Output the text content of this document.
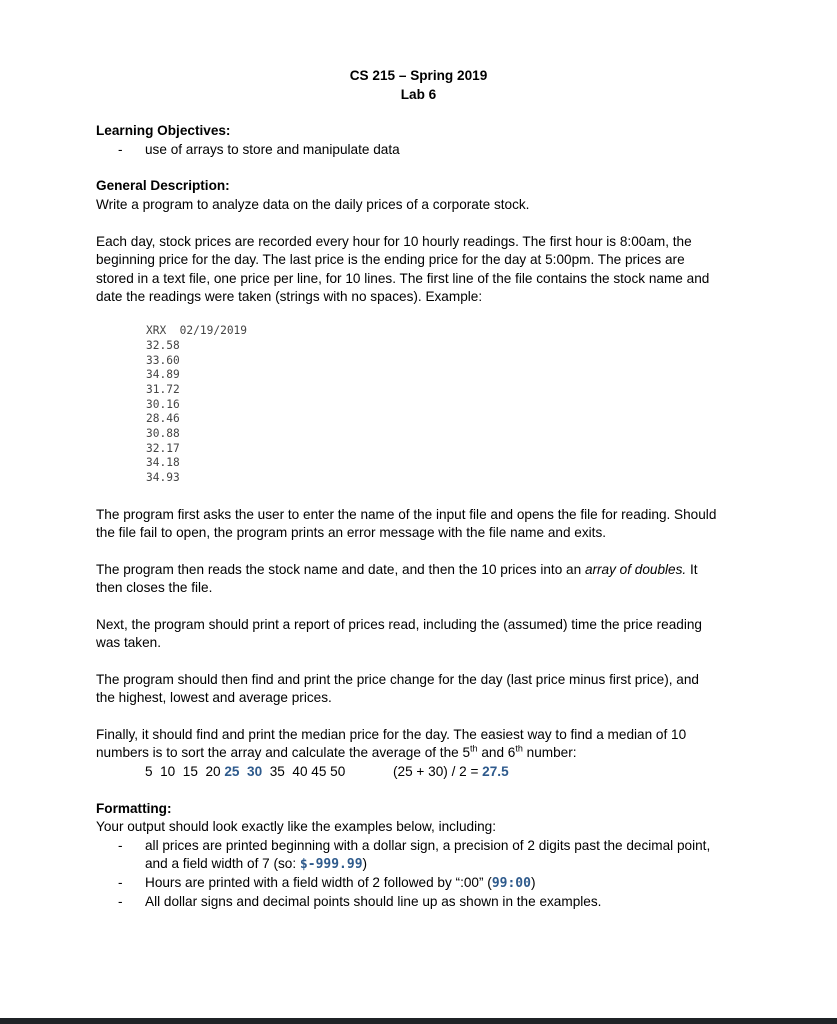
CS 215 – Spring 2019
Lab 6
Learning Objectives:
- use of arrays to store and manipulate data
General Description:
Write a program to analyze data on the daily prices of a corporate stock.
Each day, stock prices are recorded every hour for 10 hourly readings. The first hour is 8:00am, the
beginning price for the day. The last price is the ending price for the day at 5:00pm. The prices are
stored in a text file, one price per line, for 10 lines. The first line of the file contains the stock name and
date the readings were taken (strings with no spaces). Example:
XRX  02/19/2019
32.58
33.60
34.89
31.72
30.16
28.46
30.88
32.17
34.18
34.93
The program first asks the user to enter the name of the input file and opens the file for reading. Should
the file fail to open, the program prints an error message with the file name and exits.
The program then reads the stock name and date, and then the 10 prices into an array of doubles. It
then closes the file.
Next, the program should print a report of prices read, including the (assumed) time the price reading
was taken.
The program should then find and print the price change for the day (last price minus first price), and
the highest, lowest and average prices.
Finally, it should find and print the median price for the day. The easiest way to find a median of 10
numbers is to sort the array and calculate the average of the 5th and 6th number:
5  10  15  20 25  30  35  40 45 50	(25 + 30) / 2 = 27.5
Formatting:
Your output should look exactly like the examples below, including:
- all prices are printed beginning with a dollar sign, a precision of 2 digits past the decimal point,
and a field width of 7 (so: $-999.99)
- Hours are printed with a field width of 2 followed by “:00” (99:00)
- All dollar signs and decimal points should line up as shown in the examples.
